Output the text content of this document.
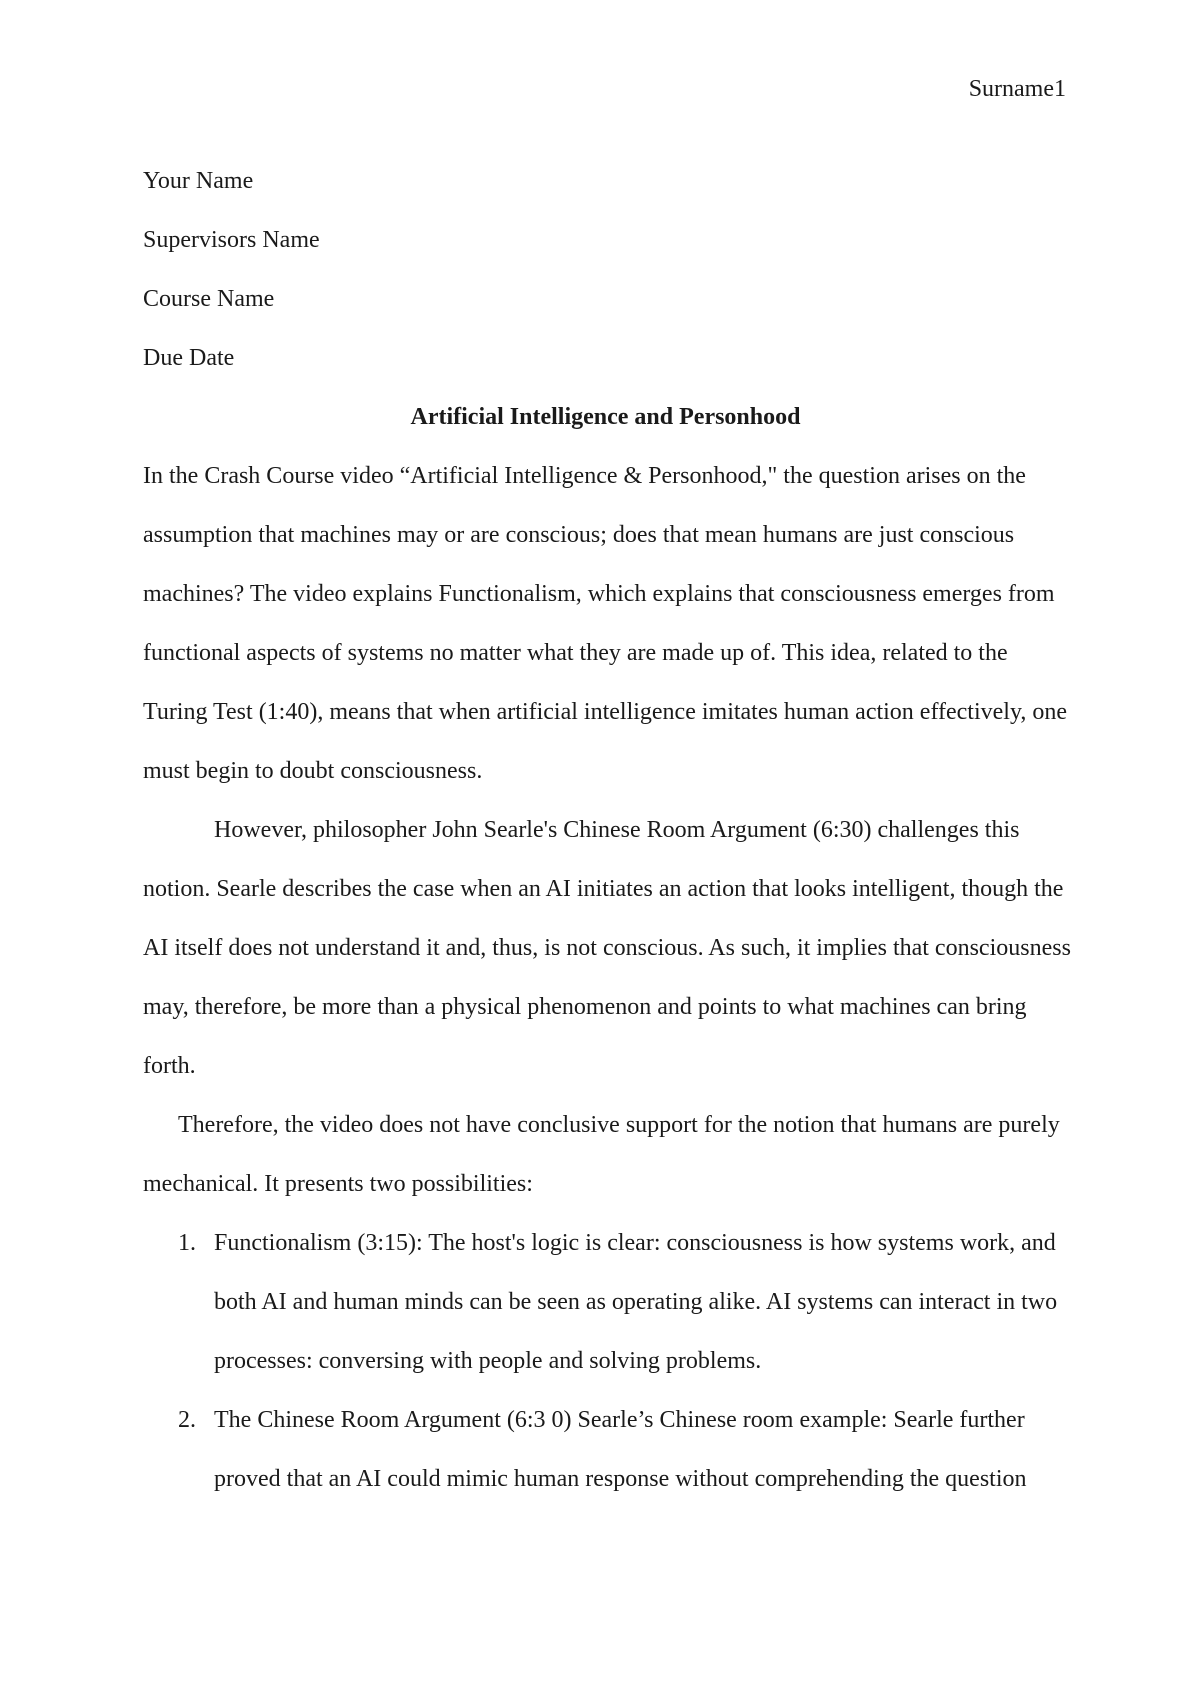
Surname1

Your Name

Supervisors Name

Course Name

Due Date

Artificial Intelligence and Personhood

In the Crash Course video “Artificial Intelligence & Personhood," the question arises on the

assumption that machines may or are conscious; does that mean humans are just conscious

machines? The video explains Functionalism, which explains that consciousness emerges from

functional aspects of systems no matter what they are made up of. This idea, related to the

Turing Test (1:40), means that when artificial intelligence imitates human action effectively, one

must begin to doubt consciousness.

However, philosopher John Searle's Chinese Room Argument (6:30) challenges this

notion. Searle describes the case when an AI initiates an action that looks intelligent, though the

AI itself does not understand it and, thus, is not conscious. As such, it implies that consciousness

may, therefore, be more than a physical phenomenon and points to what machines can bring

forth.

Therefore, the video does not have conclusive support for the notion that humans are purely

mechanical. It presents two possibilities:

1. Functionalism (3:15): The host's logic is clear: consciousness is how systems work, and

both AI and human minds can be seen as operating alike. AI systems can interact in two

processes: conversing with people and solving problems.

2. The Chinese Room Argument (6:3 0) Searle’s Chinese room example: Searle further

proved that an AI could mimic human response without comprehending the question
